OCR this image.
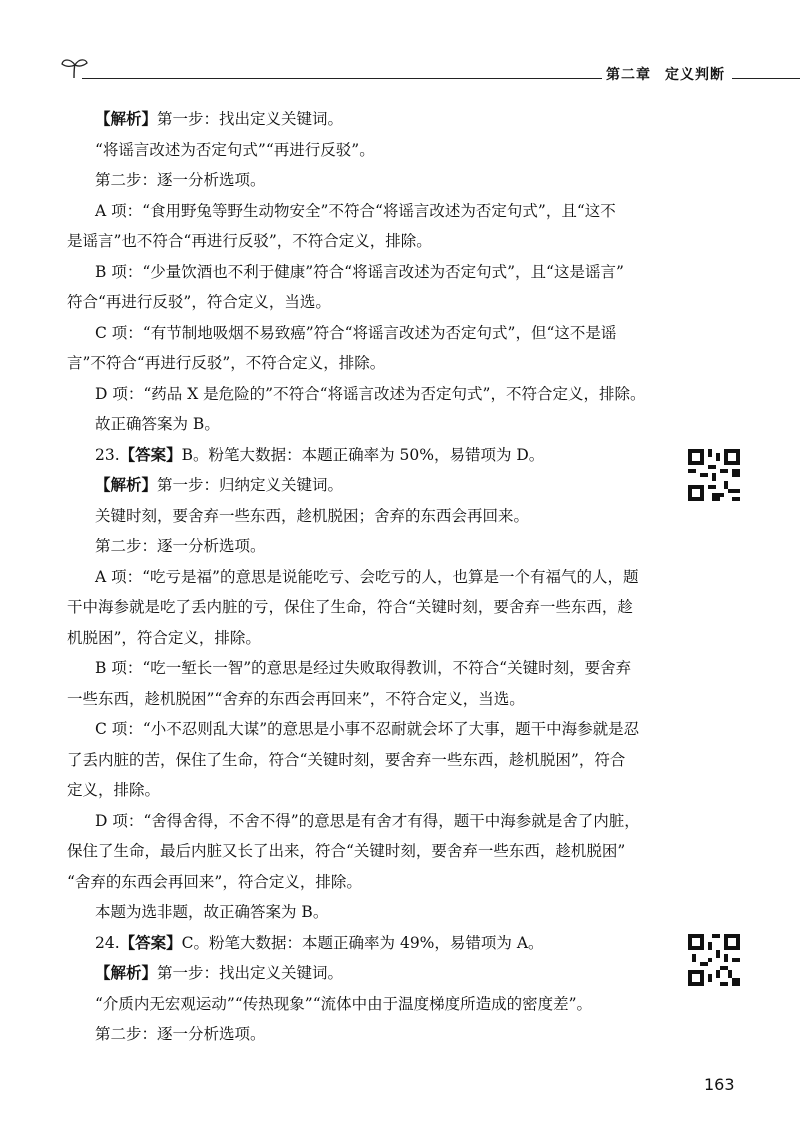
第二章 定义判断
【解析】第一步：找出定义关键词。
“将谣言改述为否定句式”“再进行反驳”。
第二步：逐一分析选项。
A 项：“食用野兔等野生动物安全”不符合“将谣言改述为否定句式”，且“这不
是谣言”也不符合“再进行反驳”，不符合定义，排除。
B 项：“少量饮酒也不利于健康”符合“将谣言改述为否定句式”，且“这是谣言”
符合“再进行反驳”，符合定义，当选。
C 项：“有节制地吸烟不易致癌”符合“将谣言改述为否定句式”，但“这不是谣
言”不符合“再进行反驳”，不符合定义，排除。
D 项：“药品 X 是危险的”不符合“将谣言改述为否定句式”，不符合定义，排除。
故正确答案为 B。
23.【答案】B。粉笔大数据：本题正确率为 50%，易错项为 D。
【解析】第一步：归纳定义关键词。
关键时刻，要舍弃一些东西，趁机脱困；舍弃的东西会再回来。
第二步：逐一分析选项。
A 项：“吃亏是福”的意思是说能吃亏、会吃亏的人，也算是一个有福气的人，题
干中海参就是吃了丢内脏的亏，保住了生命，符合“关键时刻，要舍弃一些东西，趁
机脱困”，符合定义，排除。
B 项：“吃一堑长一智”的意思是经过失败取得教训，不符合“关键时刻，要舍弃
一些东西，趁机脱困”“舍弃的东西会再回来”，不符合定义，当选。
C 项：“小不忍则乱大谋”的意思是小事不忍耐就会坏了大事，题干中海参就是忍
了丢内脏的苦，保住了生命，符合“关键时刻，要舍弃一些东西，趁机脱困”，符合
定义，排除。
D 项：“舍得舍得，不舍不得”的意思是有舍才有得，题干中海参就是舍了内脏，
保住了生命，最后内脏又长了出来，符合“关键时刻，要舍弃一些东西，趁机脱困”
“舍弃的东西会再回来”，符合定义，排除。
本题为选非题，故正确答案为 B。
24.【答案】C。粉笔大数据：本题正确率为 49%，易错项为 A。
【解析】第一步：找出定义关键词。
“介质内无宏观运动”“传热现象”“流体中由于温度梯度所造成的密度差”。
第二步：逐一分析选项。
163
